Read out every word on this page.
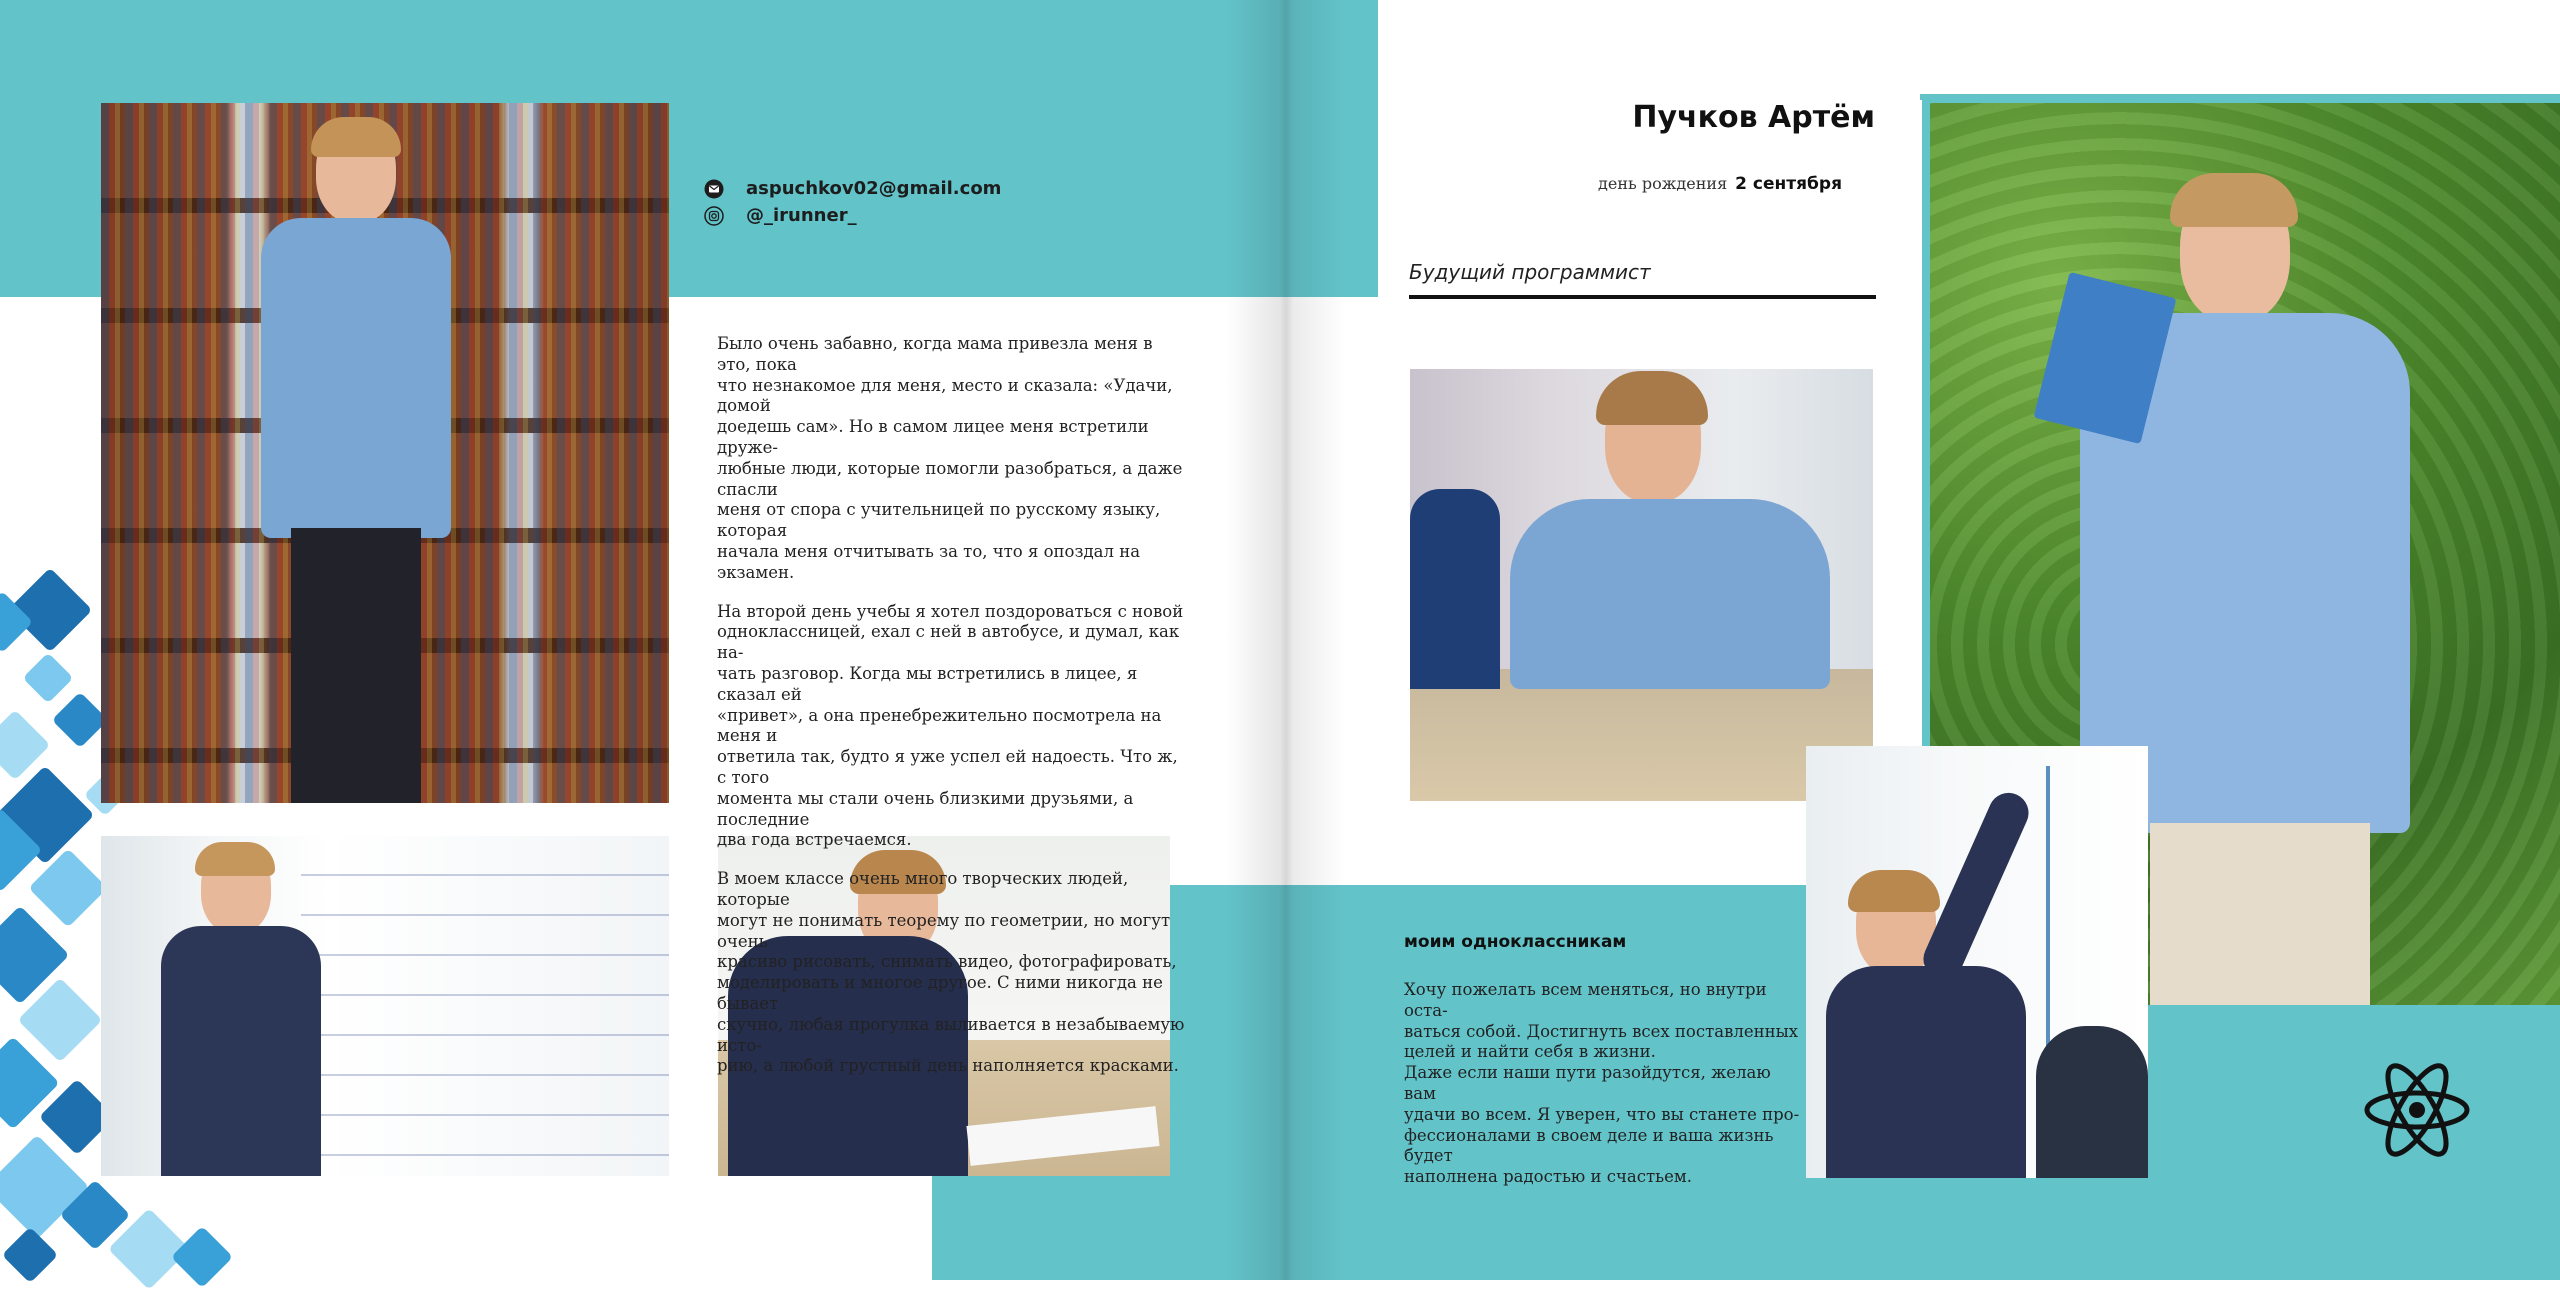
aspuchkov02@gmail.com
@_irunner_

Было очень забавно, когда мама привезла меня в это, пока
что незнакомое для меня, место и сказала: «Удачи, домой
доедешь сам». Но в самом лицее меня встретили друже-
любные люди, которые помогли разобраться, а даже спасли
меня от спора с учительницей по русскому языку, которая
начала меня отчитывать за то, что я опоздал на экзамен.

На второй день учебы я хотел поздороваться с новой
одноклассницей, ехал с ней в автобусе, и думал, как на-
чать разговор. Когда мы встретились в лицее, я сказал ей
«привет», а она пренебрежительно посмотрела на меня и
ответила так, будто я уже успел ей надоесть. Что ж, с того
момента мы стали очень близкими друзьями, а последние
два года встречаемся.

В моем классе очень много творческих людей, которые
могут не понимать теорему по геометрии, но могут очень
красиво рисовать, снимать видео, фотографировать,
моделировать и многое другое. С ними никогда не бывает
скучно, любая прогулка выливается в незабываемую исто-
рию, а любой грустный день наполняется красками.

Пучков Артём
день рождения 2 сентября
Будущий программист
моим одноклассникам
Хочу пожелать всем меняться, но внутри оста-
ваться собой. Достигнуть всех поставленных
целей и найти себя в жизни.
Даже если наши пути разойдутся, желаю вам
удачи во всем. Я уверен, что вы станете про-
фессионалами в своем деле и ваша жизнь будет
наполнена радостью и счастьем.
